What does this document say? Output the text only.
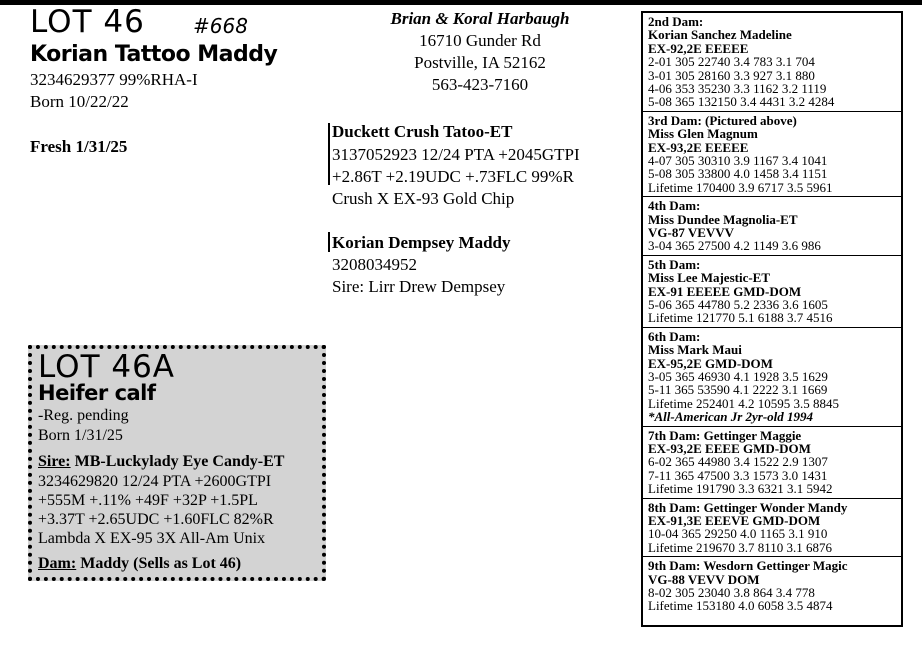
LOT 46 #668
Korian Tattoo Maddy
3234629377 99%RHA-I
Born 10/22/22
Fresh 1/31/25
Brian & Koral Harbaugh
16710 Gunder Rd
Postville, IA 52162
563-423-7160
Duckett Crush Tatoo-ET
3137052923 12/24 PTA +2045GTPI
+2.86T +2.19UDC +.73FLC 99%R
Crush X EX-93 Gold Chip
Korian Dempsey Maddy
3208034952
Sire: Lirr Drew Dempsey
2nd Dam:
Korian Sanchez Madeline
EX-92,2E EEEEE
2-01 305 22740 3.4 783 3.1 704
3-01 305 28160 3.3 927 3.1 880
4-06 353 35230 3.3 1162 3.2 1119
5-08 365 132150 3.4 4431 3.2 4284
3rd Dam: (Pictured above)
Miss Glen Magnum
EX-93,2E EEEEE
4-07 305 30310 3.9 1167 3.4 1041
5-08 305 33800 4.0 1458 3.4 1151
Lifetime 170400 3.9 6717 3.5 5961
4th Dam:
Miss Dundee Magnolia-ET
VG-87 VEVVV
3-04 365 27500 4.2 1149 3.6 986
5th Dam:
Miss Lee Majestic-ET
EX-91 EEEEE GMD-DOM
5-06 365 44780 5.2 2336 3.6 1605
Lifetime 121770 5.1 6188 3.7 4516
6th Dam:
Miss Mark Maui
EX-95,2E GMD-DOM
3-05 365 46930 4.1 1928 3.5 1629
5-11 365 53590 4.1 2222 3.1 1669
Lifetime 252401 4.2 10595 3.5 8845
*All-American Jr 2yr-old 1994
7th Dam: Gettinger Maggie
EX-93,2E EEEE GMD-DOM
6-02 365 44980 3.4 1522 2.9 1307
7-11 365 47500 3.3 1573 3.0 1431
Lifetime 191790 3.3 6321 3.1 5942
8th Dam: Gettinger Wonder Mandy
EX-91,3E EEEVE GMD-DOM
10-04 365 29250 4.0 1165 3.1 910
Lifetime 219670 3.7 8110 3.1 6876
9th Dam: Wesdorn Gettinger Magic
VG-88 VEVV DOM
8-02 305 23040 3.8 864 3.4 778
Lifetime 153180 4.0 6058 3.5 4874
LOT 46A
Heifer calf
-Reg. pending
Born 1/31/25
Sire: MB-Luckylady Eye Candy-ET
3234629820 12/24 PTA +2600GTPI
+555M +.11% +49F +32P +1.5PL
+3.37T +2.65UDC +1.60FLC 82%R
Lambda X EX-95 3X All-Am Unix
Dam: Maddy (Sells as Lot 46)
